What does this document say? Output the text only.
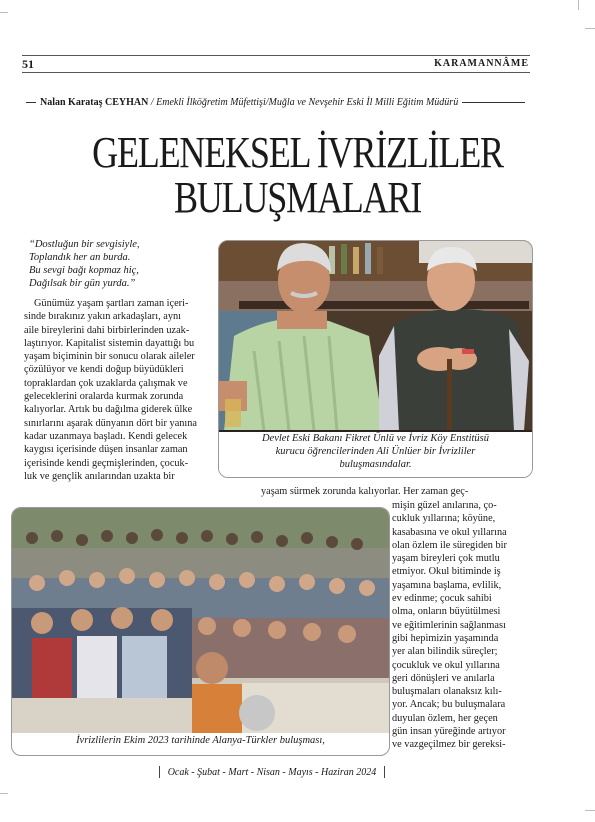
51	KARAMANNÂME
Nalan Karataş CEYHAN / Emekli İlköğretim Müfettişi/Muğla ve Nevşehir Eski İl Milli Eğitim Müdürü
GELENEKSEL İVRİZLİLER
BULUŞMALARI
“Dostluğun bir sevgisiyle,
Toplandık her an burda.
Bu sevgi bağı kopmaz hiç,
Dağılsak bir gün yurda.”
Günümüz yaşam şartları zaman içeri-
sinde bırakınız yakın arkadaşları, aynı
aile bireylerini dahi birbirlerinden uzak-
laştırıyor. Kapitalist sistemin dayattığı bu
yaşam biçiminin bir sonucu olarak aileler
çözülüyor ve kendi doğup büyüdükleri
topraklardan çok uzaklarda çalışmak ve
geleceklerini oralarda kurmak zorunda
kalıyorlar. Artık bu dağılma giderek ülke
sınırlarını aşarak dünyanın dört bir yanına
kadar uzanmaya başladı. Kendi gelecek
kaygısı içerisinde düşen insanlar zaman
içerisinde kendi geçmişlerinden, çocuk-
luk ve gençlik anılarından uzakta bir
Devlet Eski Bakanı Fikret Ünlü ve İvriz Köy Enstitüsü
kurucu öğrencilerinden Ali Ünlüer bir İvrizliler
buluşmasındalar.
yaşam sürmek zorunda kalıyorlar. Her zaman geç-
İvrizlilerin Ekim 2023 tarihinde Alanya-Türkler buluşması,
mişin güzel anılarına, ço-
cukluk yıllarına; köyüne,
kasabasına ve okul yıllarına
olan özlem ile süregiden bir
yaşam bireyleri çok mutlu
etmiyor. Okul bitiminde iş
yaşamına başlama, evlilik,
ev edinme; çocuk sahibi
olma, onların büyütülmesi
ve eğitimlerinin sağlanması
gibi hepimizin yaşamında
yer alan bilindik süreçler;
çocukluk ve okul yıllarına
geri dönüşleri ve anılarla
buluşmaları olanaksız kılı-
yor. Ancak; bu buluşmalara
duyulan özlem, her geçen
gün insan yüreğinde artıyor
ve vazgeçilmez bir gereksi-
Ocak - Şubat - Mart - Nisan - Mayıs - Haziran 2024
